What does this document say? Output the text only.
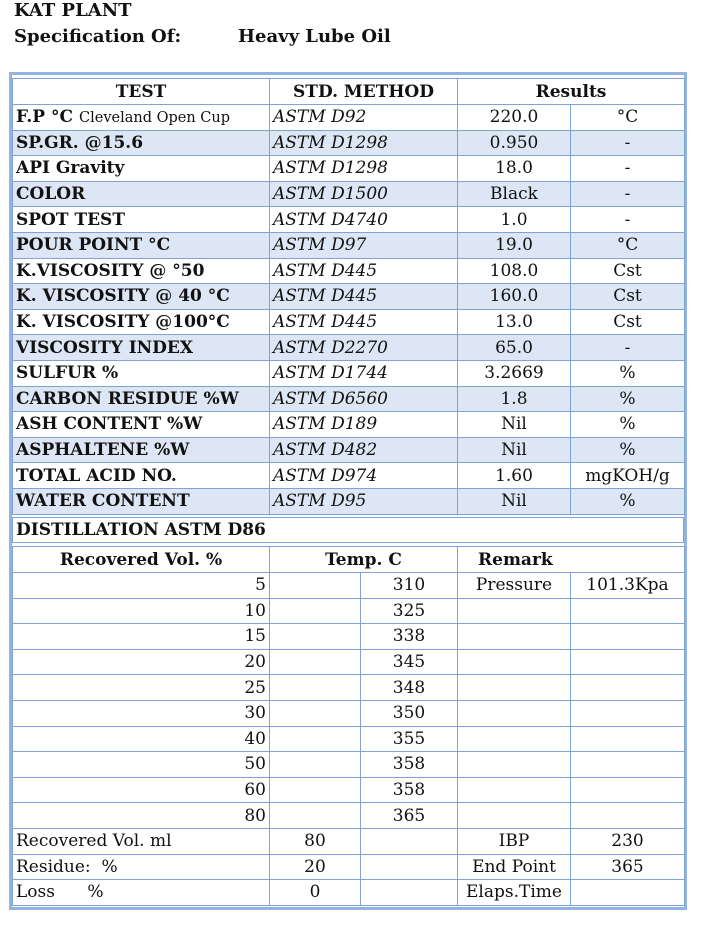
KAT PLANT
Specification Of:	Heavy Lube Oil
TEST	STD. METHOD	Results	
F.P °C Cleveland Open Cup	ASTM D92	220.0	°C
SP.GR. @15.6	ASTM D1298	0.950	-
API Gravity	ASTM D1298	18.0	-
COLOR	ASTM D1500	Black	-
SPOT TEST	ASTM D4740	1.0	-
POUR POINT °C	ASTM D97	19.0	°C
K.VISCOSITY @ °50	ASTM D445	108.0	Cst
K. VISCOSITY @ 40 °C	ASTM D445	160.0	Cst
K. VISCOSITY @100°C	ASTM D445	13.0	Cst
VISCOSITY INDEX	ASTM D2270	65.0	-
SULFUR %	ASTM D1744	3.2669	%
CARBON RESIDUE %W	ASTM D6560	1.8	%
ASH CONTENT %W	ASTM D189	Nil	%
ASPHALTENE %W	ASTM D482	Nil	%
TOTAL ACID NO.	ASTM D974	1.60	mgKOH/g
WATER CONTENT	ASTM D95	Nil	%
DISTILLATION ASTM D86
Recovered Vol. %	Temp. C		Remark	
5		310	Pressure	101.3Kpa
10		325		
15		338		
20		345		
25		348		
30		350		
40		355		
50		358		
60		358		
80		365		
Recovered Vol. ml	80		IBP	230
Residue:  %	20		End Point	365
Loss      %	0		Elaps.Time	
